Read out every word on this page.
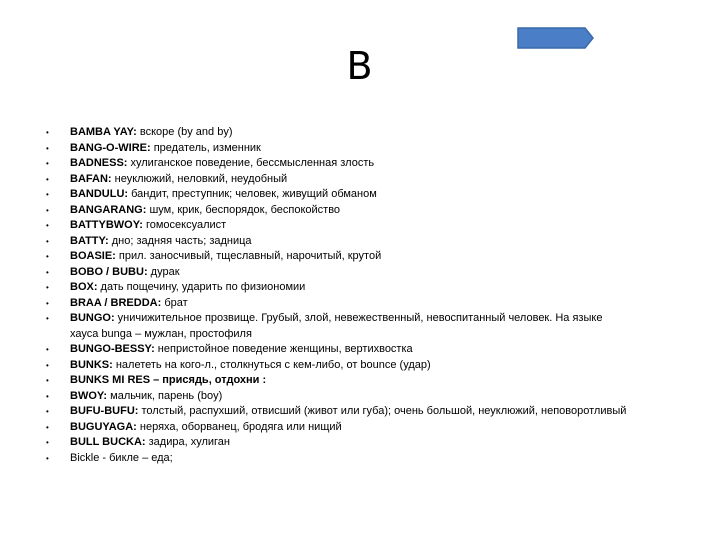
B
• BAMBA YAY: вскоре (by and by)
• BANG-O-WIRE: предатель, изменник
• BADNESS: хулиганское поведение, бессмысленная злость
• BAFAN: неуклюжий, неловкий, неудобный
• BANDULU: бандит, преступник; человек, живущий обманом
• BANGARANG: шум, крик, беспорядок, беспокойство
• BATTYBWOY: гомосексуалист
• BATTY: дно; задняя часть; задница
• BOASIE: прил. заносчивый, тщеславный, нарочитый, крутой
• BOBO / BUBU: дурак
• BOX: дать пощечину, ударить по физиономии
• BRAA / BREDDA: брат
• BUNGO: уничижительное прозвище. Грубый, злой, невежественный, невоспитанный человек. На языке
хауса bunga – мужлан, простофиля
• BUNGO-BESSY: непристойное поведение женщины, вертихвостка
• BUNKS: налететь на кого-л., столкнуться с кем-либо, от bounce (удар)
• BUNKS MI RES – присядь, отдохни :
• BWOY: мальчик, парень (boy)
• BUFU-BUFU: толстый, распухший, отвисший (живот или губа); очень большой, неуклюжий, неповоротливый
• BUGUYAGA: неряха, оборванец, бродяга или нищий
• BULL BUCKA: задира, хулиган
• Bickle - бикле – еда;
